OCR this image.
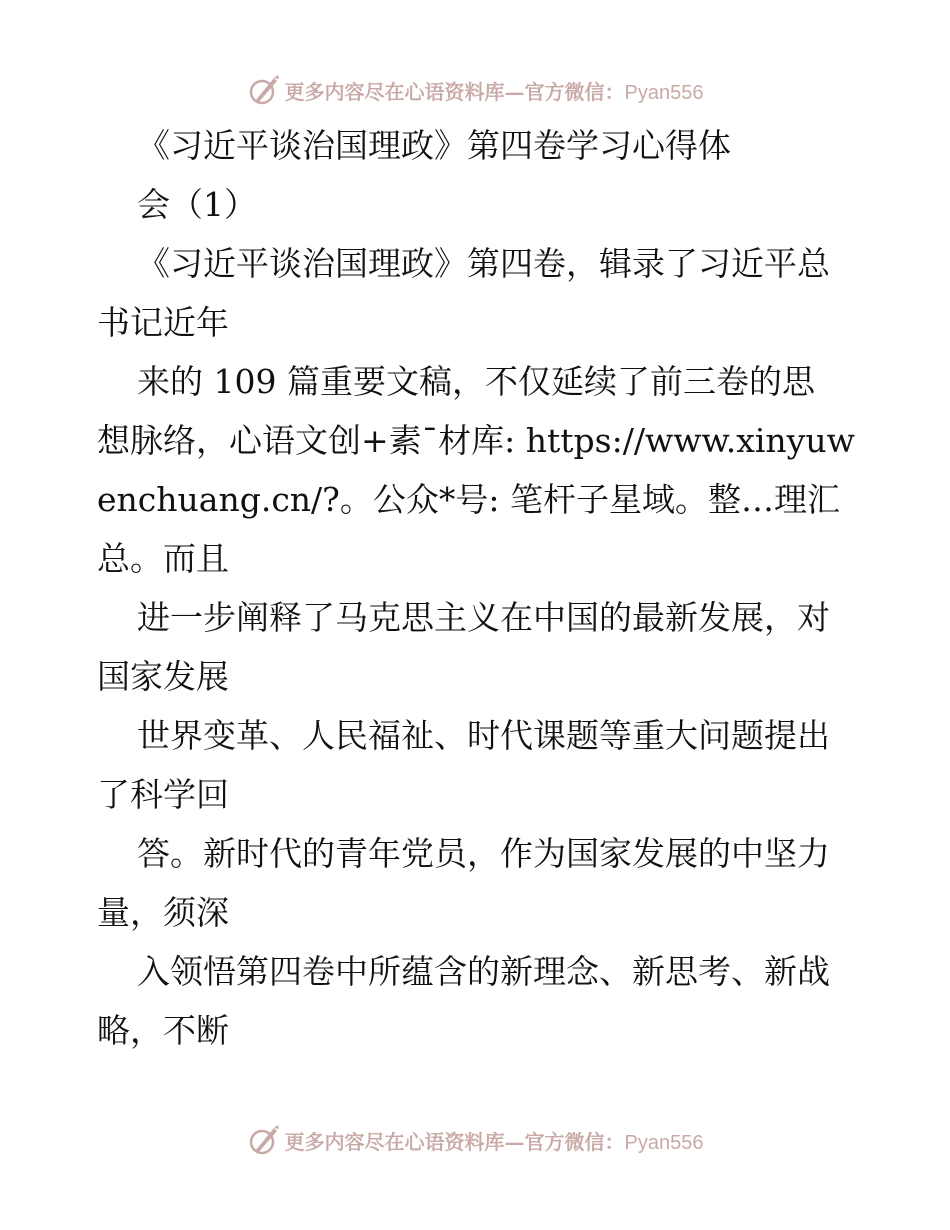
更多内容尽在心语资料库—官方微信：Pyan556
《习近平谈治国理政》第四卷学习心得体
会（1）
《习近平谈治国理政》第四卷，辑录了习近平总
书记近年
来的 109 篇重要文稿，不仅延续了前三卷的思
想脉络，心语文创+素¯材库: https://www.xinyuw
enchuang.cn/?。公众*号: 笔杆子星域。整…理汇
总。而且
进一步阐释了马克思主义在中国的最新发展，对
国家发展
世界变革、人民福祉、时代课题等重大问题提出
了科学回
答。新时代的青年党员，作为国家发展的中坚力
量，须深
入领悟第四卷中所蕴含的新理念、新思考、新战
略，不断
更多内容尽在心语资料库—官方微信：Pyan556
